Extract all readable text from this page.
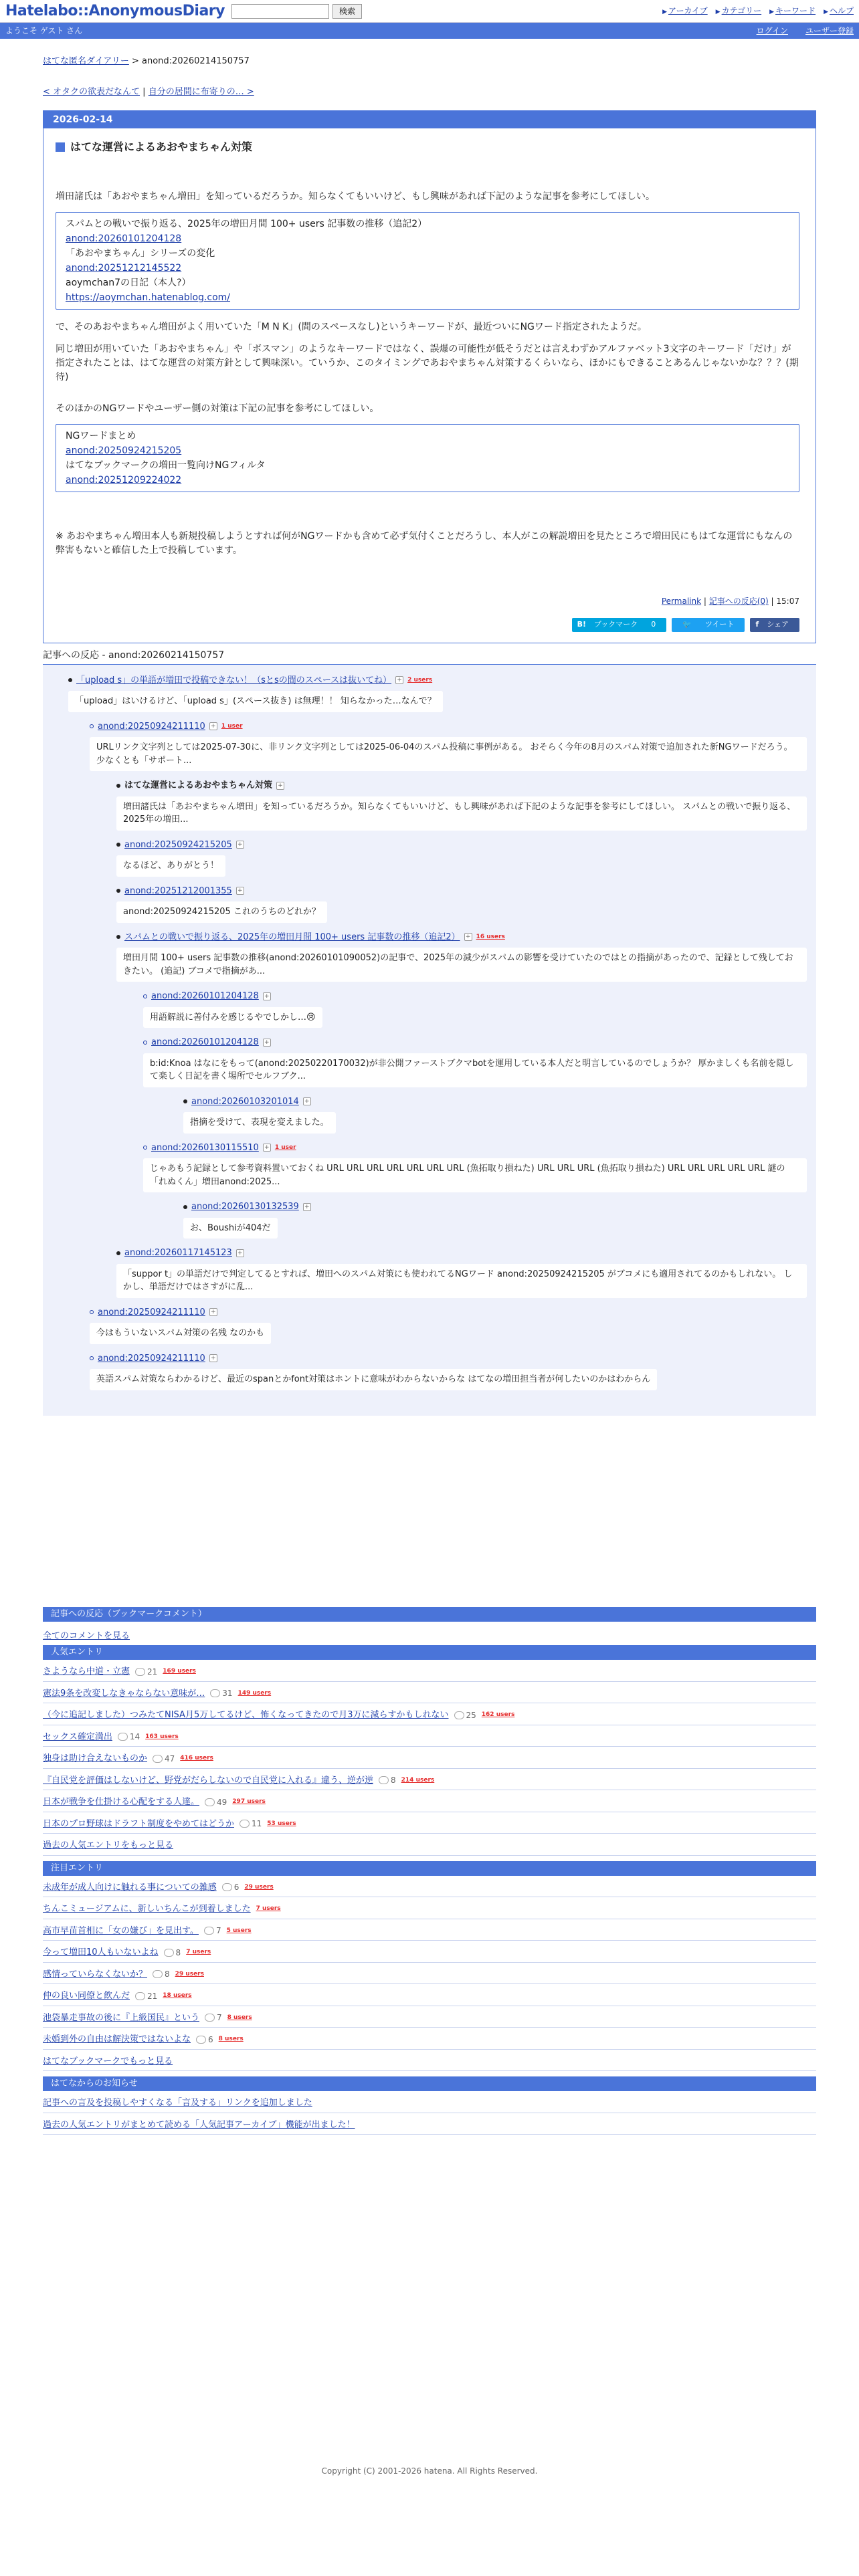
Hatelabo::AnonymousDiary	検索	▶ アーカイブ ▶ カテゴリー ▶ キーワード ▶ ヘルプ
ようこそ ゲスト さん	ログイン ユーザー登録
はてな匿名ダイアリー > anond:20260214150757
< オタクの欲表だなんて | 自分の居間に布寄りの… >
2026-02-14
はてな運営によるあおやまちゃん対策

増田諸氏は「あおやまちゃん増田」を知っているだろうか。知らなくてもいいけど、もし興味があれば下記のような記事を参考にしてほしい。

スパムとの戦いで振り返る、2025年の増田月間 100+ users 記事数の推移（追記2）
anond:20260101204128
「あおやまちゃん」シリーズの変化
anond:20251212145522
aoymchan7の日記（本人?）
https://aoymchan.hatenablog.com/

で、そのあおやまちゃん増田がよく用いていた「M N K」(間のスペースなし)というキーワードが、最近ついにNGワード指定されたようだ。

同じ増田が用いていた「あおやまちゃん」や「ボスマン」のようなキーワードではなく、誤爆の可能性が低そうだとは言えわずかアルファベット3文字のキーワード「だけ」が指定されたことは、はてな運営の対策方針として興味深い。ていうか、このタイミングであおやまちゃん対策するくらいなら、ほかにもできることあるんじゃないかな？？？(期待)

そのほかのNGワードやユーザー側の対策は下記の記事を参考にしてほしい。

NGワードまとめ
anond:20250924215205
はてなブックマークの増田一覧向けNGフィルタ
anond:20251209224022

※ あおやまちゃん増田本人も新規投稿しようとすれば何がNGワードかも含めて必ず気付くことだろうし、本人がこの解説増田を見たところで増田民にもはてな運営にもなんの弊害もないと確信した上で投稿しています。

Permalink | 記事への反応(0) | 15:07
B!	ブックマーク	0	🐦	ツイート	f	シェア
記事への反応 - anond:20260214150757
「upload s」の単語が増田で投稿できない！（sとsの間のスペースは抜いてね） + 2 users
「upload」はいけるけど、「upload s」(スペース抜き) は無理！！ 知らなかった…なんで？
anond:20250924211110 + 1 user
URLリンク文字列としては2025-07-30に、非リンク文字列としては2025-06-04のスパム投稿に事例がある。 おそらく今年の8月のスパム対策で追加された新NGワードだろう。 少なくとも「サポート...
はてな運営によるあおやまちゃん対策 +
増田諸氏は「あおやまちゃん増田」を知っているだろうか。知らなくてもいいけど、もし興味があれば下記のような記事を参考にしてほしい。 スパムとの戦いで振り返る、2025年の増田...
anond:20250924215205 +
なるほど、ありがとう！
anond:20251212001355 +
anond:20250924215205 これのうちのどれか？
スパムとの戦いで振り返る、2025年の増田月間 100+ users 記事数の推移（追記2） + 16 users
増田月間 100+ users 記事数の推移(anond:20260101090052)の記事で、2025年の減少がスパムの影響を受けていたのではとの指摘があったので、記録として残しておきたい。 (追記) ブコメで指摘があ...
anond:20260101204128 +
用語解説に善付みを感じるやでしかし…😢
anond:20260101204128 +
b:id:Knoa はなにをもって(anond:20250220170032)が非公開ファーストブクマbotを運用している本人だと明言しているのでしょうか？ 厚かましくも名前を隠して楽しく日記を書く場所でセルフブク...
anond:20260103201014 +
指摘を受けて、表現を変えました。
anond:20260130115510 + 1 user
じゃあもう記録として参考資料置いておくね URL URL URL URL URL URL URL (魚拓取り損ねた) URL URL URL (魚拓取り損ねた) URL URL URL URL URL 謎の「れぬくん」増田anond:2025...
anond:20260130132539 +
お、Boushiが404だ
anond:20260117145123 +
「suppor t」の単語だけで判定してるとすれば、増田へのスパム対策にも使われてるNGワード anond:20250924215205 がブコメにも適用されてるのかもしれない。 しかし、単語だけではさすがに乱...
anond:20250924211110 +
今はもういないスパム対策の名残 なのかも
anond:20250924211110 +
英語スパム対策ならわかるけど、最近のspanとかfont対策はホントに意味がわからないからな はてなの増田担当者が何したいのかはわからん
記事への反応（ブックマークコメント）
全てのコメントを見る
人気エントリ
さようなら中道・立憲 21 169 users
憲法9条を改変しなきゃならない意味が… 31 149 users
（今に追記しました）つみたてNISA月5万してるけど、怖くなってきたので月3万に減らすかもしれない 25 162 users
セックス確定満出 14 163 users
独身は助け合えないものか 47 416 users
『自民党を評価はしないけど、野党がだらしないので自民党に入れる』違う、逆が逆 8 214 users
日本が戦争を仕掛ける心配をする人達。 49 297 users
日本のプロ野球はドラフト制度をやめてはどうか 11 53 users
過去の人気エントリをもっと見る
注目エントリ
未成年が成人向けに触れる事についての雑感 6 29 users
ちんこミュージアムに、新しいちんこが到着しました 7 users
高市早苗首相に「女の嫌び」を見出す。 7 5 users
今って増田10人もいないよね 8 7 users
感情っていらなくないか？ 8 29 users
仲の良い同僚と飲んだ 21 18 users
池袋暴走事故の後に『上級国民』という 7 8 users
未婚到外の自由は解決策ではないよな 6 8 users
はてなブックマークでもっと見る
はてなからのお知らせ
記事への言及を投稿しやすくなる「言及する」リンクを追加しました
過去の人気エントリがまとめて読める「人気記事アーカイブ」機能が出ました！
Copyright (C) 2001-2026 hatena. All Rights Reserved.
